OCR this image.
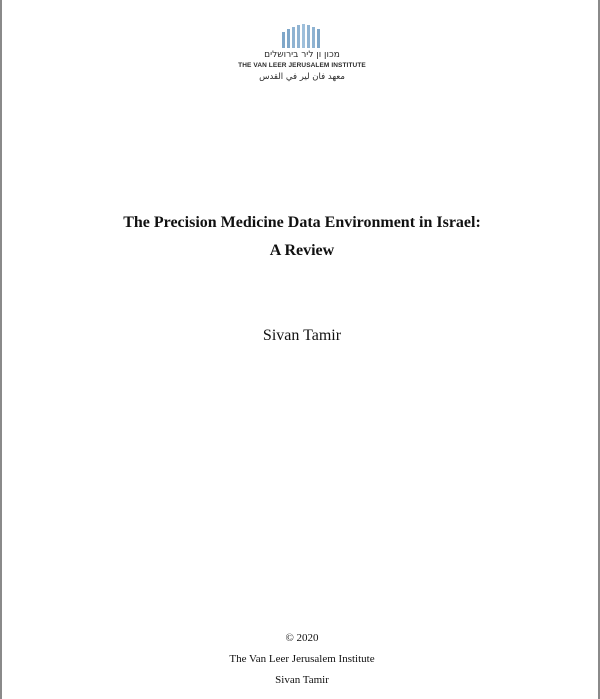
מכון ון ליר בירושלים
THE VAN LEER JERUSALEM INSTITUTE
معهد فان لير في القدس
The Precision Medicine Data Environment in Israel:
A Review
Sivan Tamir
© 2020
The Van Leer Jerusalem Institute
Sivan Tamir
